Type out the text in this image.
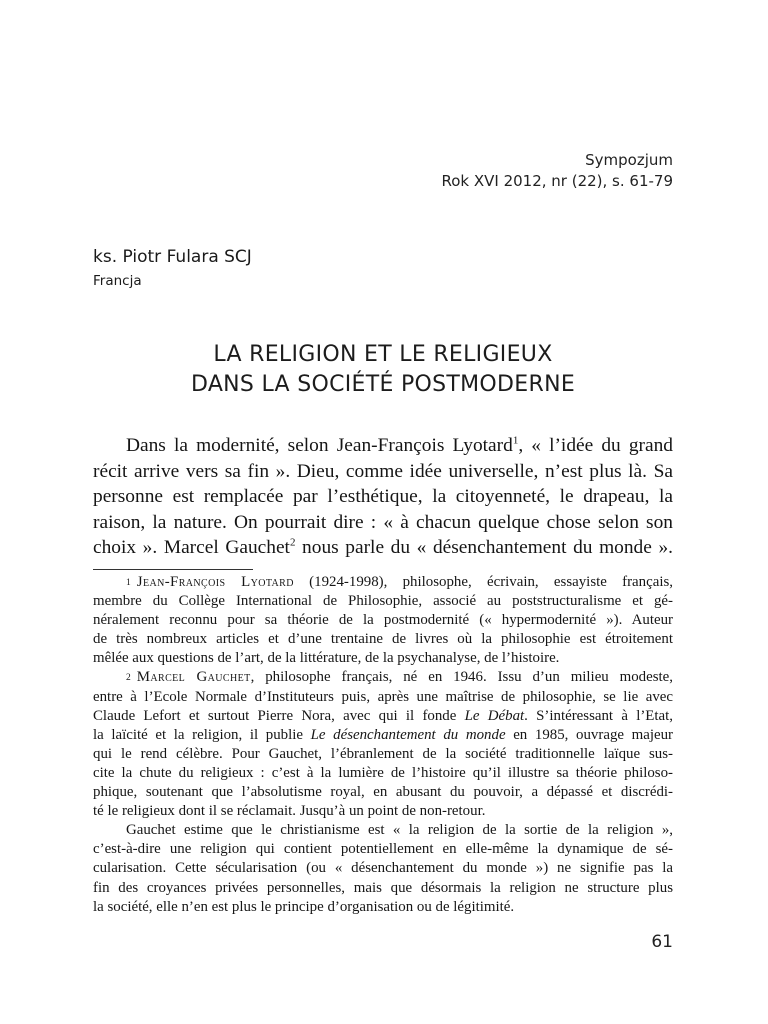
Sympozjum
Rok XVI 2012, nr (22), s. 61-79
ks. Piotr Fulara SCJ
Francja
LA RELIGION ET LE RELIGIEUX
DANS LA SOCIÉTÉ POSTMODERNE
Dans la modernité, selon Jean-François Lyotard$^1$, « l’idée du grand
récit arrive vers sa fin ». Dieu, comme idée universelle, n’est plus là. Sa
personne est remplacée par l’esthétique, la citoyenneté, le drapeau, la
raison, la nature. On pourrait dire : « à chacun quelque chose selon son
choix ». Marcel Gauchet$^2$ nous parle du « désenchantement du monde ».
$^1$ Jean-François Lyotard (1924-1998), philosophe, écrivain, essayiste français,
membre du Collège International de Philosophie, associé au poststructuralisme et gé-
néralement reconnu pour sa théorie de la postmodernité (« hypermodernité »). Auteur
de très nombreux articles et d’une trentaine de livres où la philosophie est étroitement
mêlée aux questions de l’art, de la littérature, de la psychanalyse, de l’histoire.
$^2$ Marcel Gauchet, philosophe français, né en 1946. Issu d’un milieu modeste,
entre à l’Ecole Normale d’Instituteurs puis, après une maîtrise de philosophie, se lie avec
Claude Lefort et surtout Pierre Nora, avec qui il fonde Le Débat. S’intéressant à l’Etat,
la laïcité et la religion, il publie Le désenchantement du monde en 1985, ouvrage majeur
qui le rend célèbre. Pour Gauchet, l’ébranlement de la société traditionnelle laïque sus-
cite la chute du religieux : c’est à la lumière de l’histoire qu’il illustre sa théorie philoso-
phique, soutenant que l’absolutisme royal, en abusant du pouvoir, a dépassé et discrédi-
té le religieux dont il se réclamait. Jusqu’à un point de non-retour.
Gauchet estime que le christianisme est « la religion de la sortie de la religion »,
c’est-à-dire une religion qui contient potentiellement en elle-même la dynamique de sé-
cularisation. Cette sécularisation (ou « désenchantement du monde ») ne signifie pas la
fin des croyances privées personnelles, mais que désormais la religion ne structure plus
la société, elle n’en est plus le principe d’organisation ou de légitimité.
61
